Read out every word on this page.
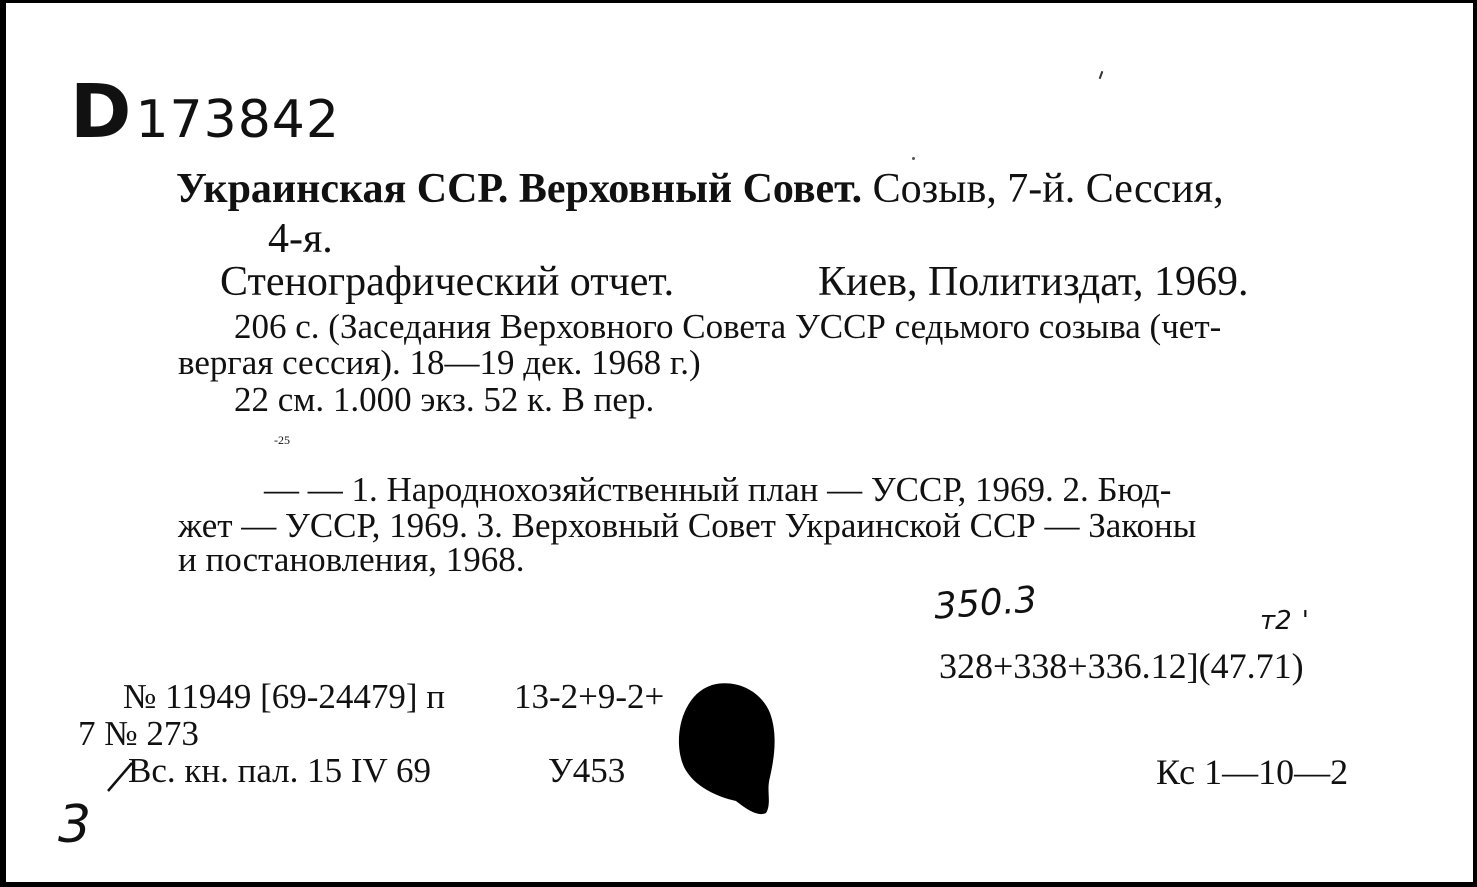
D 173842
Украинская ССР. Верховный Совет. Созыв, 7-й. Сессия,
4-я.
Стенографический отчет.	Киев, Политиздат, 1969.
206 с. (Заседания Верховного Совета УССР седьмого созыва (чет-
вергая сессия). 18—19 дек. 1968 г.)
22 см. 1.000 экз. 52 к. В пер.
-25
— — 1. Народнохозяйственный план — УССР, 1969. 2. Бюд-
жет — УССР, 1969. 3. Верховный Совет Украинской ССР — Законы
и постановления, 1968.
350.3	т2 '
328+338+336.12](47.71)
№ 11949 [69-24479] п 13-2+9-2+
7 № 273
Вс. кн. пал. 15 IV 69	У453	Кс 1—10—2
3
